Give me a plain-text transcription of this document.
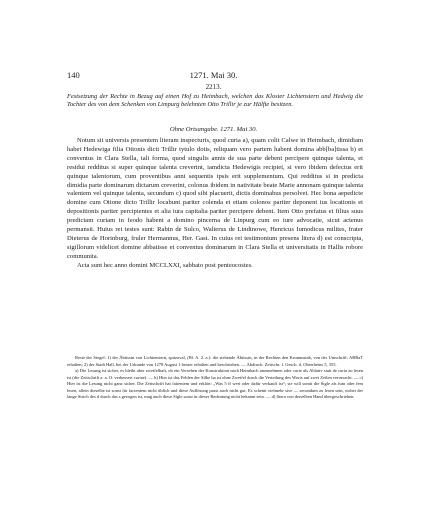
140	1271. Mai 30.
2213.
Festsetzung der Rechte in Bezug auf einen Hof zu Heimbach, welchen das Kloster Lichtenstern und Hedwig die Tochter des von dem Schenken von Limpurg belehnten Otto Trillir je zur Hälfte besitzen.
Ohne Ortsangabe. 1271. Mai 30.

Notum sit universis presentem literam inspecturis, quod curia a), quam colit Calwe in Heimbach, dimidiam habet Hedewiga filia Ottonis dicti Trillir tytulo dotis, reliquam vero partem habent domina abb[ba]tissa b) et conventus in Clara Stella, tali forma, quod singulis annis de sua parte debent percipere quinque talenta, et residui redditus si super quinque talenta creverint, iamdicta Hedewigis recipiet, si vero ibidem defectus erit quinque talentorum, cum proventibus anni sequentis ipsis erit supplementum. Qui redditus si in predicta dimidia parte dominarum dictarum creverint, colonus ibidem in nativitate beate Marie annonam quinque talenta valentem vel quinque talenta, secundum c) quod sibi placuerit, dictis dominabus persolvet. Hec bona aepedicte domine cum Ottone dicto Trillir locabunt pariter colenda et etiam colonos pariter deponent ius locationis et depositionis pariter percipientes et alia iura capitalia pariter percipere debent. Item Otto prefatus et filius suus predictam curiam in feodo habent a domino pincerna de Linpurg cum eo iure advocatie, sicut actenus permansit. Huius rei testes sunt: Rabin de Sulco, Walterus de Lindinowe, Henricus Iumodicus milites, frater Dieterus de Horinburg, fruler Hermannus, Her. Gast. In cuius rei testimonium presens litera d) est conscripta, sigillorum videlicet domine abbatisse et conventus dominarum in Clara Stella et universitatis in Hallis robore communita.

Acta sunt hec anno domini MCCLXXI, sabbato post penteocostes.

Reste der Siegel: 1) der Äbtissin von Lichtenstern, spitzoval, (Bl. A. 2. a.): die stehende Äbtissin, in der Rechten den Krummstab, von der Umschrift: ABBaT erhalten; 2) der Stadt Hall, bei der Urkunde von 1278 August 1 besser erhalten und beschrieben. — Abdruck: Zeitschr. f. Gesch. d. Oberrheins 5, 355.

a) Die Lesung ist sicher, es bleibt aber zweifelhaft, ob ein Versehen der Konstruktion nach Heimbach anzunehmen oder curie als Ablativ statt de curia zu lesen ist (die Zeitschrift a. a. O. verbessert curiae). — b) Hier ist das Fehlen der Silbe ba ist ohne Zweifel durch die Verteilung des Worts auf zwei Zeilen verursacht. — c) Hier ist die Lesung nicht ganz sicher. Die Zeitschrift hat fatientem und erklärt: „Was 5 ff wert oder dafür verkauft ist“; sie will somit die Sigle als fum oder fem lesen, allein dieselbe ist sonst für facientem nicht üblich und diese Auflösung passt auch nicht gut. Es scheint vielmehr sive — secundum zu lesen sein, wobei der lange Strich des d durch das s gezogen ist, mag auch diese Sigle sonst in dieser Bedeutung nicht bekannt sein. — d) litera von derselben Hand übergeschrieben.
